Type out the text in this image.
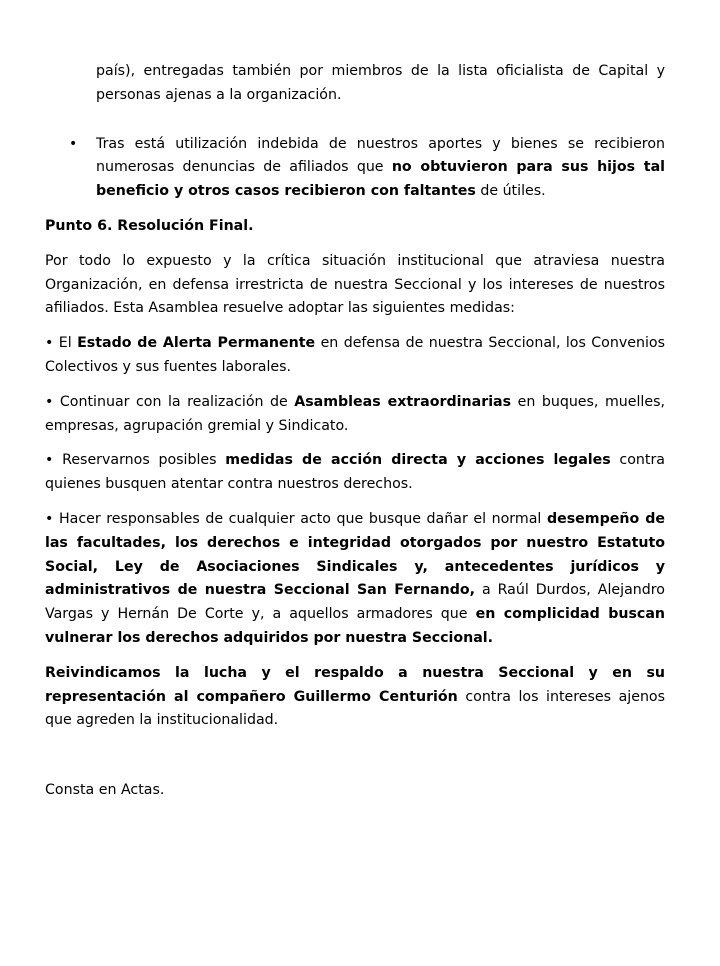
país), entregadas también por miembros de la lista oficialista de Capital y personas ajenas a la organización.

• Tras está utilización indebida de nuestros aportes y bienes se recibieron numerosas denuncias de afiliados que no obtuvieron para sus hijos tal beneficio y otros casos recibieron con faltantes de útiles.

Punto 6. Resolución Final.

Por todo lo expuesto y la crítica situación institucional que atraviesa nuestra Organización, en defensa irrestricta de nuestra Seccional y los intereses de nuestros afiliados. Esta Asamblea resuelve adoptar las siguientes medidas:

• El Estado de Alerta Permanente en defensa de nuestra Seccional, los Convenios Colectivos y sus fuentes laborales.

• Continuar con la realización de Asambleas extraordinarias en buques, muelles, empresas, agrupación gremial y Sindicato.

• Reservarnos posibles medidas de acción directa y acciones legales contra quienes busquen atentar contra nuestros derechos.

• Hacer responsables de cualquier acto que busque dañar el normal desempeño de las facultades, los derechos e integridad otorgados por nuestro Estatuto Social, Ley de Asociaciones Sindicales y, antecedentes jurídicos y administrativos de nuestra Seccional San Fernando, a Raúl Durdos, Alejandro Vargas y Hernán De Corte y, a aquellos armadores que en complicidad buscan vulnerar los derechos adquiridos por nuestra Seccional.

Reivindicamos la lucha y el respaldo a nuestra Seccional y en su representación al compañero Guillermo Centurión contra los intereses ajenos que agreden la institucionalidad.

Consta en Actas.
